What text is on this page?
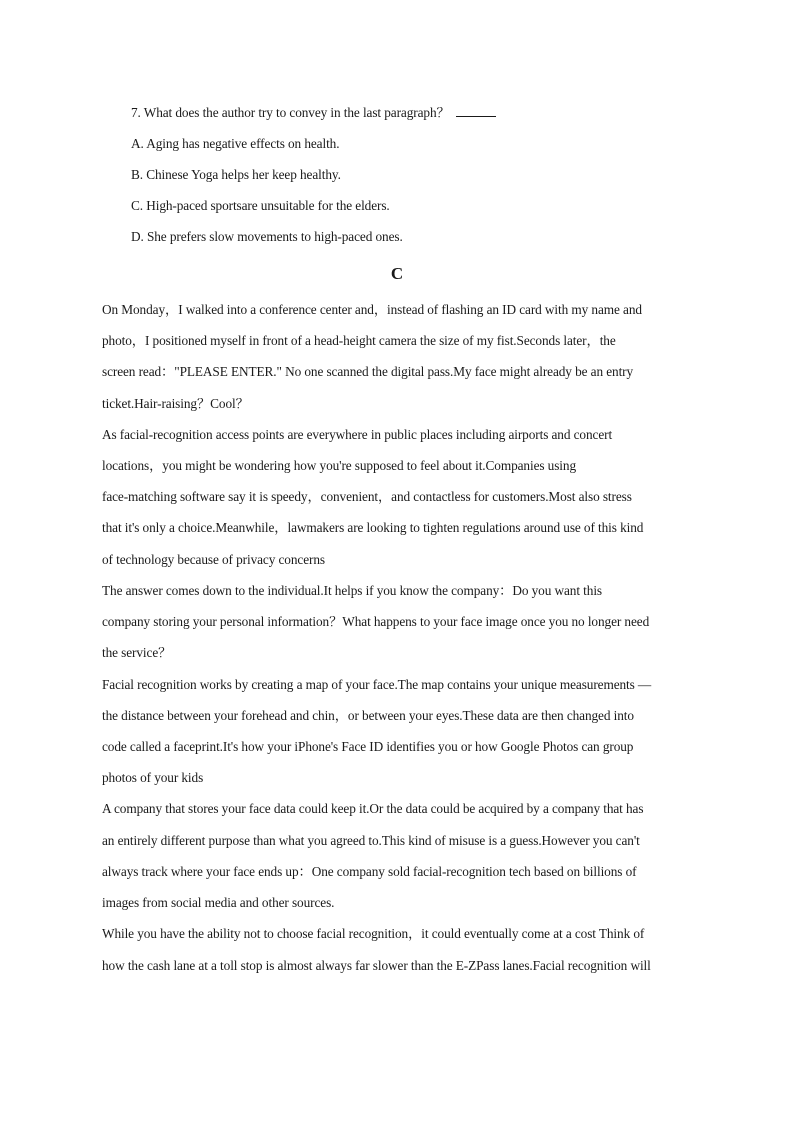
7. What does the author try to convey in the last paragraph？
A. Aging has negative effects on health.
B. Chinese Yoga helps her keep healthy.
C. High-paced sportsare unsuitable for the elders.
D. She prefers slow movements to high-paced ones.
C
On Monday，I walked into a conference center and，instead of flashing an ID card with my name and
photo，I positioned myself in front of a head-height camera the size of my fist.Seconds later，the
screen read："PLEASE ENTER." No one scanned the digital pass.My face might already be an entry
ticket.Hair-raising？Cool？
As facial-recognition access points are everywhere in public places including airports and concert
locations，you might be wondering how you're supposed to feel about it.Companies using
face-matching software say it is speedy，convenient，and contactless for customers.Most also stress
that it's only a choice.Meanwhile，lawmakers are looking to tighten regulations around use of this kind
of technology because of privacy concerns
The answer comes down to the individual.It helps if you know the company：Do you want this
company storing your personal information？What happens to your face image once you no longer need
the service？
Facial recognition works by creating a map of your face.The map contains your unique measurements —
the distance between your forehead and chin，or between your eyes.These data are then changed into
code called a faceprint.It's how your iPhone's Face ID identifies you or how Google Photos can group
photos of your kids
A company that stores your face data could keep it.Or the data could be acquired by a company that has
an entirely different purpose than what you agreed to.This kind of misuse is a guess.However you can't
always track where your face ends up：One company sold facial-recognition tech based on billions of
images from social media and other sources.
While you have the ability not to choose facial recognition，it could eventually come at a cost Think of
how the cash lane at a toll stop is almost always far slower than the E-ZPass lanes.Facial recognition will
